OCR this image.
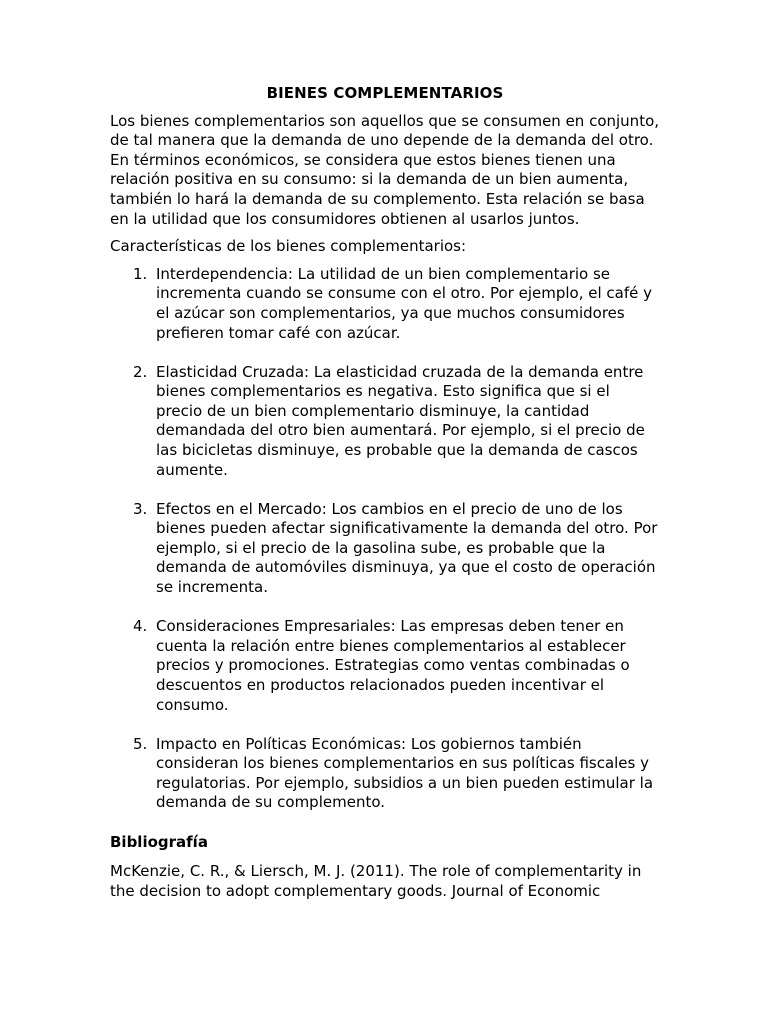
BIENES COMPLEMENTARIOS

Los bienes complementarios son aquellos que se consumen en conjunto, de tal manera que la demanda de uno depende de la demanda del otro. En términos económicos, se considera que estos bienes tienen una relación positiva en su consumo: si la demanda de un bien aumenta, también lo hará la demanda de su complemento. Esta relación se basa en la utilidad que los consumidores obtienen al usarlos juntos.

Características de los bienes complementarios:

1. Interdependencia: La utilidad de un bien complementario se incrementa cuando se consume con el otro. Por ejemplo, el café y el azúcar son complementarios, ya que muchos consumidores prefieren tomar café con azúcar.
2. Elasticidad Cruzada: La elasticidad cruzada de la demanda entre bienes complementarios es negativa. Esto significa que si el precio de un bien complementario disminuye, la cantidad demandada del otro bien aumentará. Por ejemplo, si el precio de las bicicletas disminuye, es probable que la demanda de cascos aumente.
3. Efectos en el Mercado: Los cambios en el precio de uno de los bienes pueden afectar significativamente la demanda del otro. Por ejemplo, si el precio de la gasolina sube, es probable que la demanda de automóviles disminuya, ya que el costo de operación se incrementa.
4. Consideraciones Empresariales: Las empresas deben tener en cuenta la relación entre bienes complementarios al establecer precios y promociones. Estrategias como ventas combinadas o descuentos en productos relacionados pueden incentivar el consumo.
5. Impacto en Políticas Económicas: Los gobiernos también consideran los bienes complementarios en sus políticas fiscales y regulatorias. Por ejemplo, subsidios a un bien pueden estimular la demanda de su complemento.
Bibliografía

McKenzie, C. R., & Liersch, M. J. (2011). The role of complementarity in the decision to adopt complementary goods. Journal of Economic
